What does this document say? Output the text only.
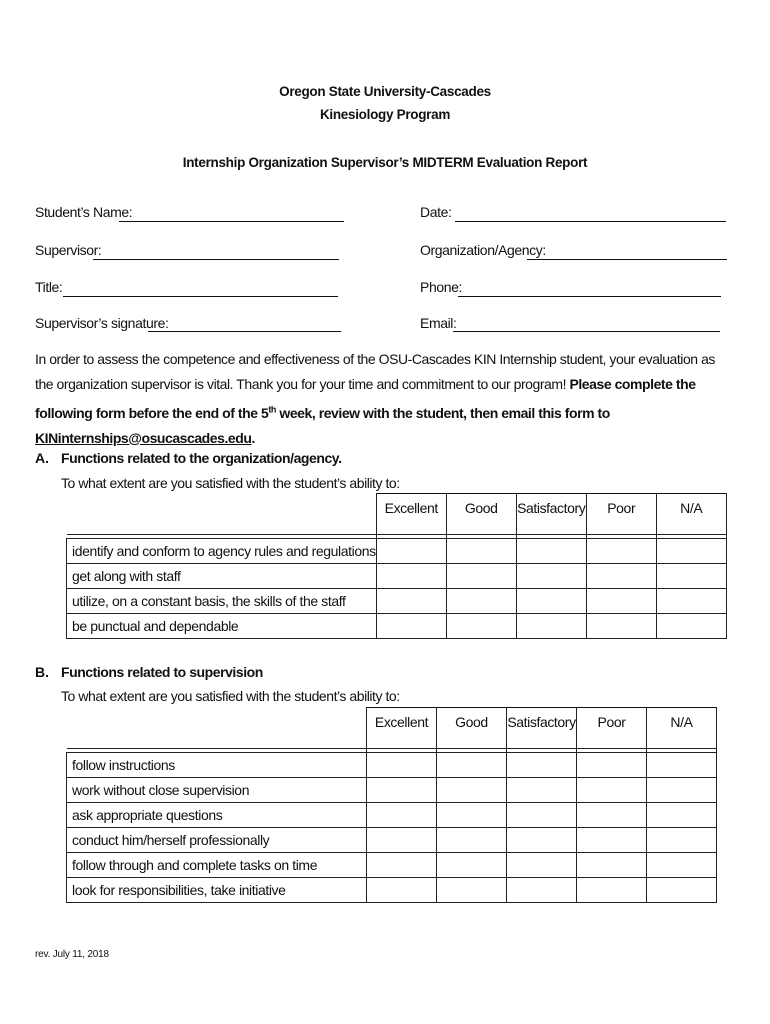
Oregon State University-Cascades
Kinesiology Program
Internship Organization Supervisor’s MIDTERM Evaluation Report
Student’s Name:	Date:
Supervisor:	Organization/Agency:
Title:	Phone:
Supervisor’s signature:	Email:
In order to assess the competence and effectiveness of the OSU-Cascades KIN Internship student, your evaluation as the organization supervisor is vital. Thank you for your time and commitment to our program! Please complete the following form before the end of the 5th week, review with the student, then email this form to KINinternships@osucascades.edu.
A. Functions related to the organization/agency.
To what extent are you satisfied with the student’s ability to:
	Excellent	Good	Satisfactory	Poor	N/A

identify and conform to agency rules and regulations					
get along with staff					
utilize, on a constant basis, the skills of the staff					
be punctual and dependable					
B. Functions related to supervision
To what extent are you satisfied with the student’s ability to:
	Excellent	Good	Satisfactory	Poor	N/A

follow instructions					
work without close supervision					
ask appropriate questions					
conduct him/herself professionally					
follow through and complete tasks on time					
look for responsibilities, take initiative					
rev. July 11, 2018
